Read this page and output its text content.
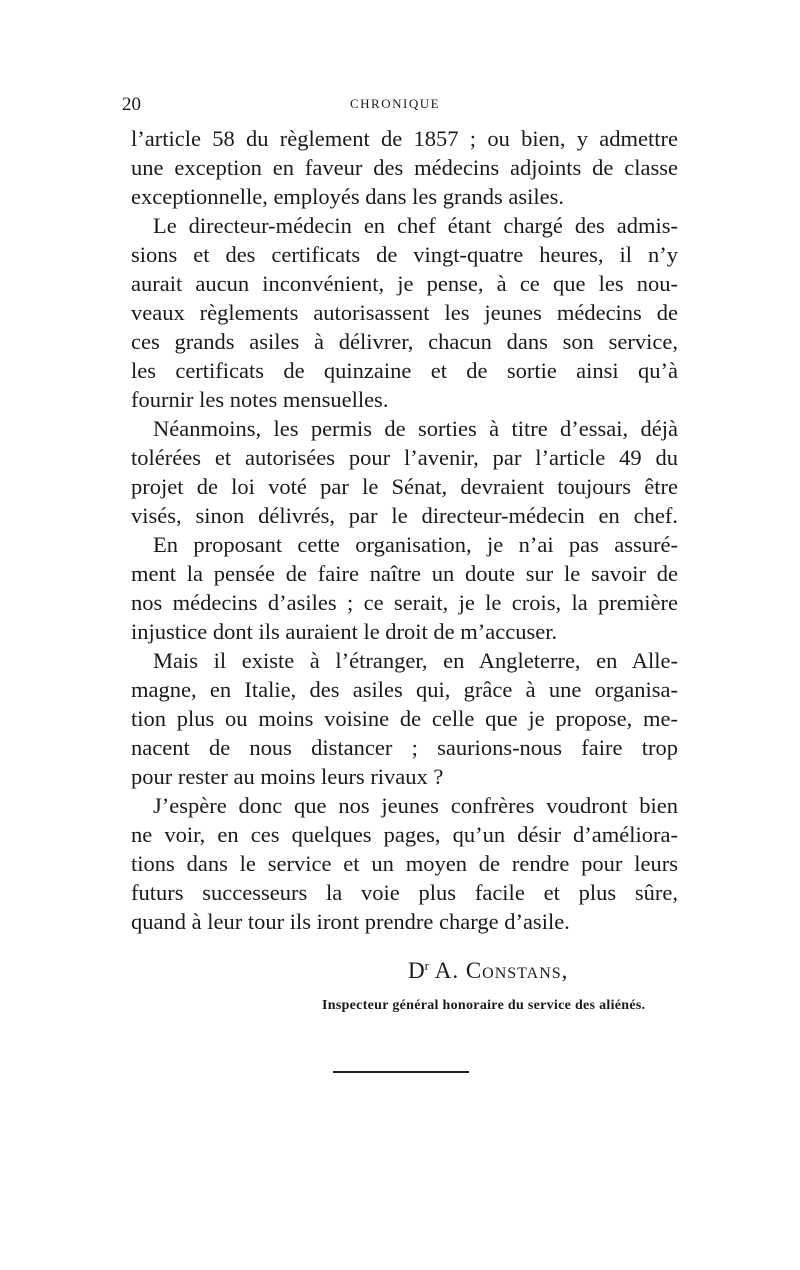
20	CHRONIQUE
l’article 58 du règlement de 1857 ; ou bien, y admettre
une exception en faveur des médecins adjoints de classe
exceptionnelle, employés dans les grands asiles.
Le directeur-médecin en chef étant chargé des admis-
sions et des certificats de vingt-quatre heures, il n’y
aurait aucun inconvénient, je pense, à ce que les nou-
veaux règlements autorisassent les jeunes médecins de
ces grands asiles à délivrer, chacun dans son service,
les certificats de quinzaine et de sortie ainsi qu’à
fournir les notes mensuelles.
Néanmoins, les permis de sorties à titre d’essai, déjà
tolérées et autorisées pour l’avenir, par l’article 49 du
projet de loi voté par le Sénat, devraient toujours être
visés, sinon délivrés, par le directeur-médecin en chef.
En proposant cette organisation, je n’ai pas assuré-
ment la pensée de faire naître un doute sur le savoir de
nos médecins d’asiles ; ce serait, je le crois, la première
injustice dont ils auraient le droit de m’accuser.
Mais il existe à l’étranger, en Angleterre, en Alle-
magne, en Italie, des asiles qui, grâce à une organisa-
tion plus ou moins voisine de celle que je propose, me-
nacent de nous distancer ; saurions-nous faire trop
pour rester au moins leurs rivaux ?
J’espère donc que nos jeunes confrères voudront bien
ne voir, en ces quelques pages, qu’un désir d’améliora-
tions dans le service et un moyen de rendre pour leurs
futurs successeurs la voie plus facile et plus sûre,
quand à leur tour ils iront prendre charge d’asile.
$D^r$ A. Constans,
Inspecteur général honoraire du service des aliénés.
